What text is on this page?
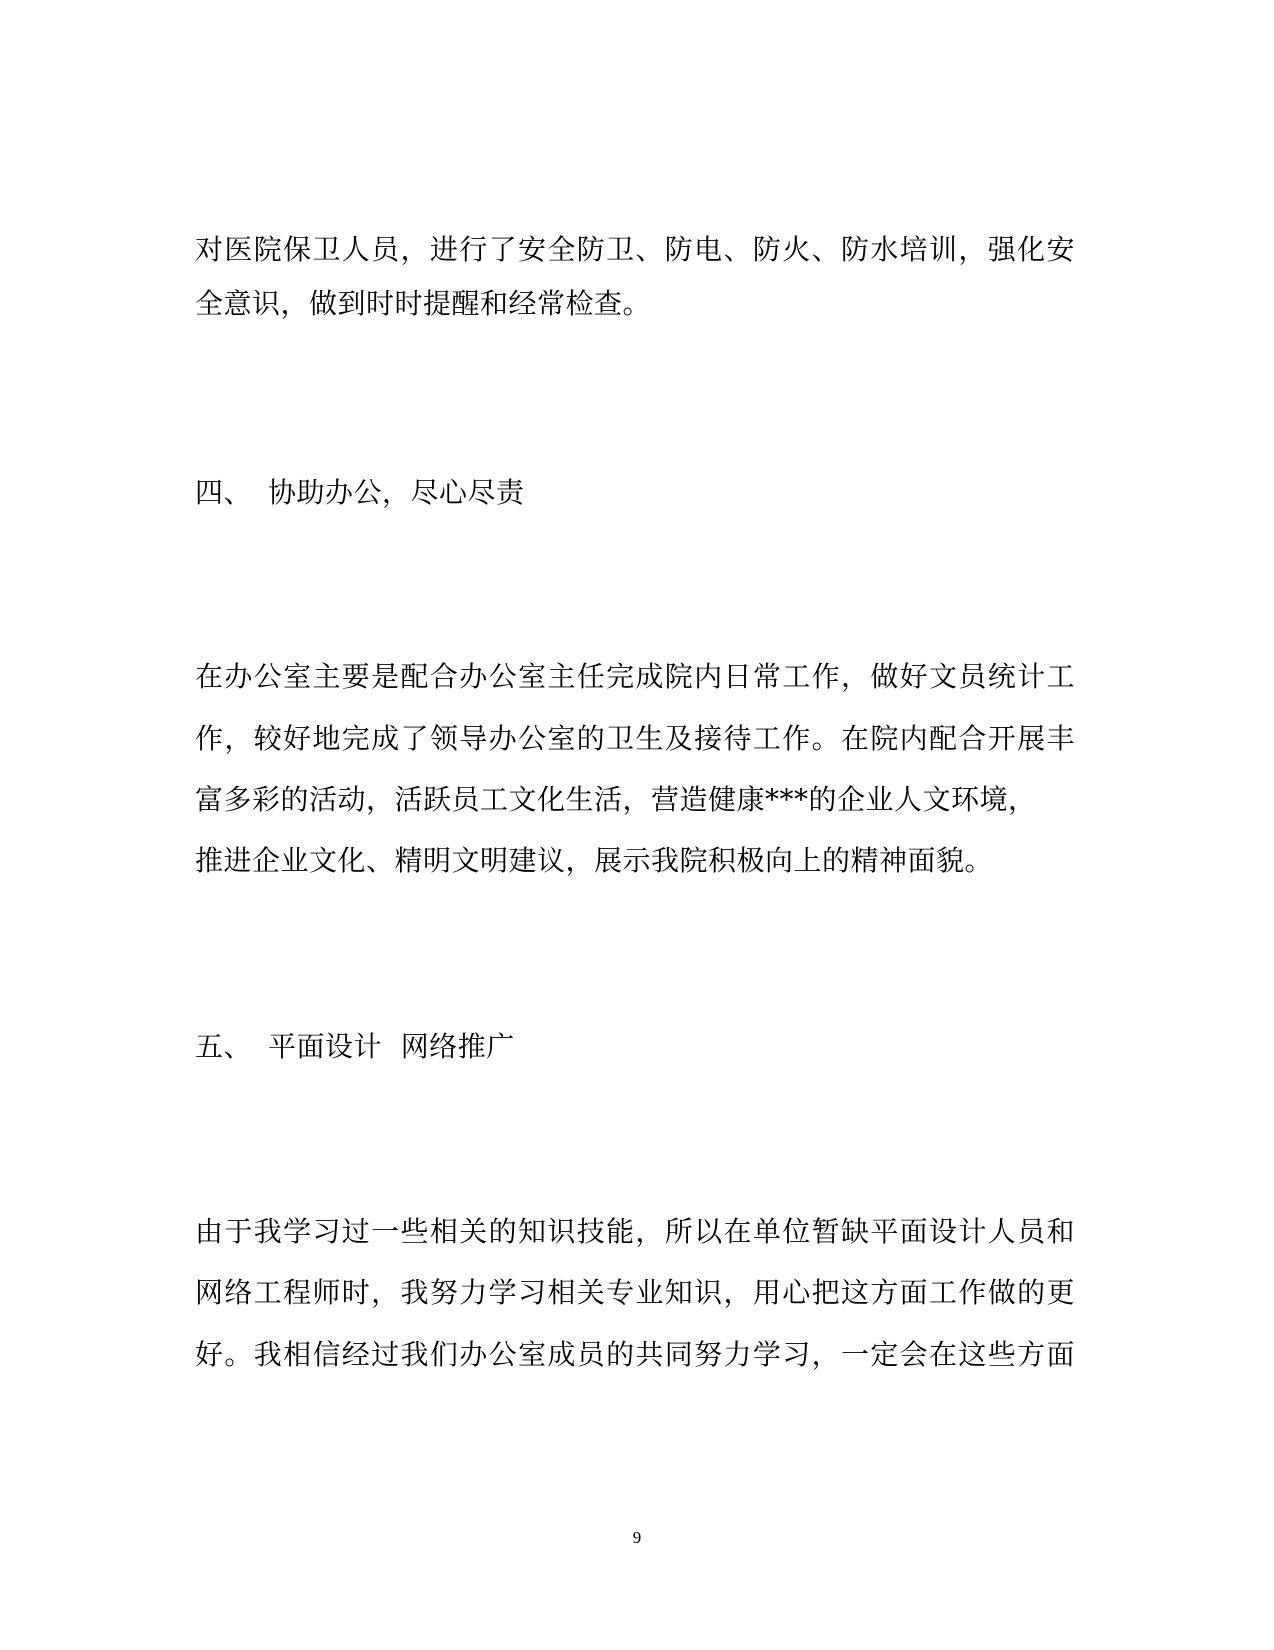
对医院保卫人员，进行了安全防卫、防电、防火、防水培训，强化安
全意识，做到时时提醒和经常检查。
四、 协助办公，尽心尽责
在办公室主要是配合办公室主任完成院内日常工作，做好文员统计工
作，较好地完成了领导办公室的卫生及接待工作。在院内配合开展丰
富多彩的活动，活跃员工文化生活，营造健康***的企业人文环境，
推进企业文化、精明文明建议，展示我院积极向上的精神面貌。
五、 平面设计  网络推广
由于我学习过一些相关的知识技能，所以在单位暂缺平面设计人员和
网络工程师时，我努力学习相关专业知识，用心把这方面工作做的更
好。我相信经过我们办公室成员的共同努力学习，一定会在这些方面
9
